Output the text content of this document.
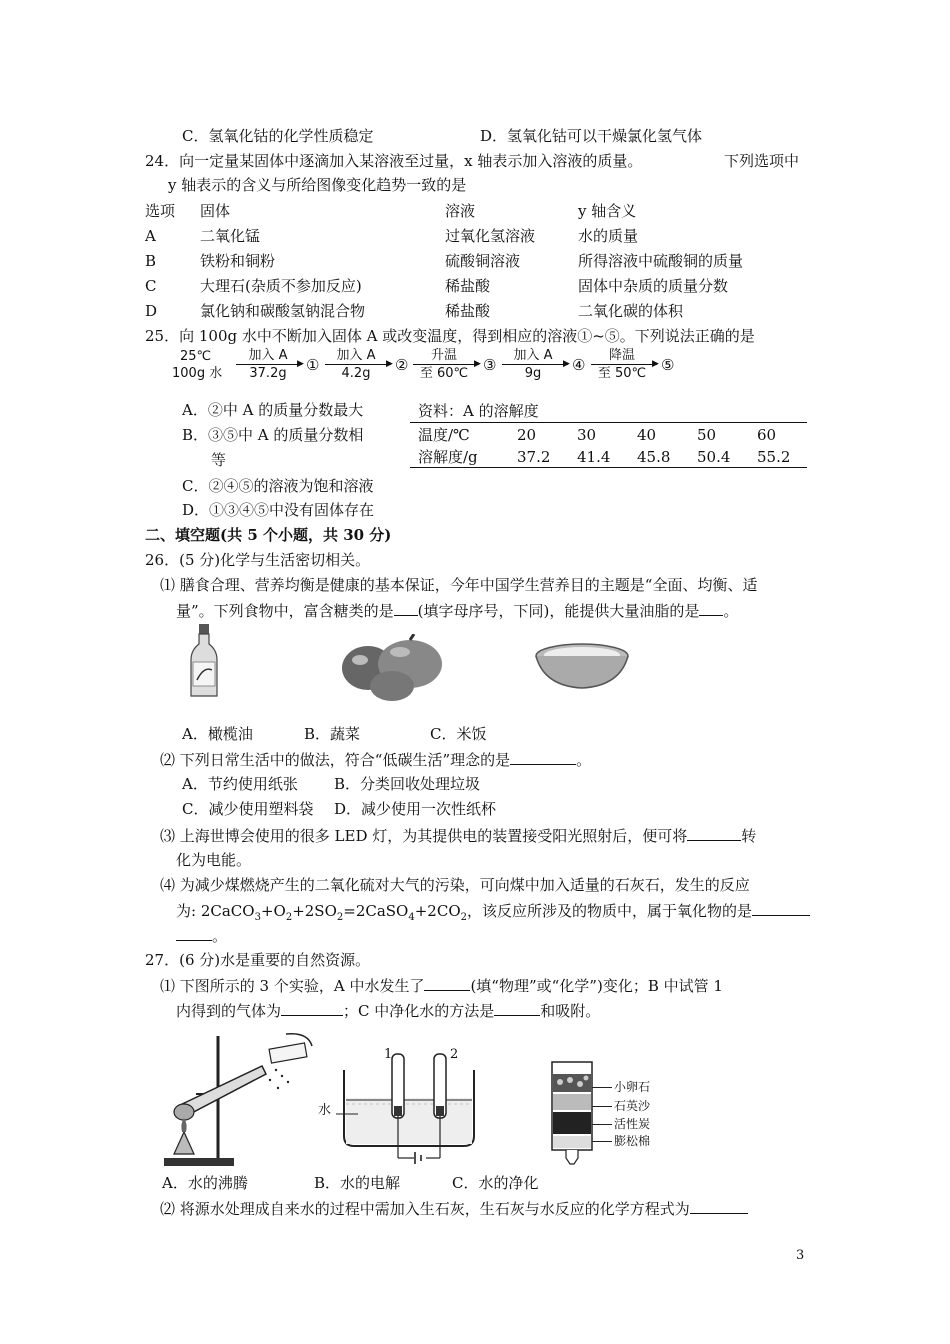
C．氢氧化钴的化学性质稳定	D．氢氧化钴可以干燥氯化氢气体
24．向一定量某固体中逐滴加入某溶液至过量，x 轴表示加入溶液的质量。	下列选项中
y 轴表示的含义与所给图像变化趋势一致的是
选项 固体	溶液	y 轴含义
A	二氧化锰	过氧化氢溶液	水的质量
B	铁粉和铜粉	硫酸铜溶液	所得溶液中硫酸铜的质量
C	大理石(杂质不参加反应)	稀盐酸	固体中杂质的质量分数
D	氯化钠和碳酸氢钠混合物	稀盐酸	二氧化碳的体积
25．向 100g 水中不断加入固体 A 或改变温度，得到相应的溶液①~⑤。下列说法正确的是
25℃
100g 水
加入 A
▶
37.2g	①
加入 A
▶
4.2g	②
升温
▶
至 60℃ ③
加入 A
▶
9g	④
降温
▶
至 50℃ ⑤
A．②中 A 的质量分数最大
B．③⑤中 A 的质量分数相
等
C．②④⑤的溶液为饱和溶液
D．①③④⑤中没有固体存在
资料：A 的溶解度
温度/℃	20	30	40	50	60
溶解度/g	37.2 41.4 45.8 50.4 55.2
二、填空题(共 5 个小题，共 30 分)
26．(5 分)化学与生活密切相关。
⑴ 膳食合理、营养均衡是健康的基本保证，今年中国学生营养目的主题是“全面、均衡、适
量”。下列食物中，富含糖类的是 (填字母序号，下同)，能提供大量油脂的是 。
A．橄榄油	B．蔬菜	C．米饭
⑵ 下列日常生活中的做法，符合“低碳生活”理念的是	。
A．节约使用纸张 B．分类回收处理垃圾
C．减少使用塑料袋 D．减少使用一次性纸杯
⑶ 上海世博会使用的很多 LED 灯，为其提供电的装置接受阳光照射后，便可将	转
化为电能。
⑷ 为减少煤燃烧产生的二氧化硫对大气的污染，可向煤中加入适量的石灰石，发生的反应
为: $2CaCO_3+O_2+2SO_2=2CaSO_4+2CO_2$，该反应所涉及的物质中，属于氧化物的是
。
27．(6 分)水是重要的自然资源。
⑴ 下图所示的 3 个实验，A 中水发生了	(填“物理”或“化学”)变化；B 中试管 1
内得到的气体为	；C 中净化水的方法是	和吸附。
1	2
水
小卵石
石英沙
活性炭
膨松棉
A．水的沸腾	B．水的电解	C．水的净化
⑵ 将源水处理成自来水的过程中需加入生石灰，生石灰与水反应的化学方程式为
3
